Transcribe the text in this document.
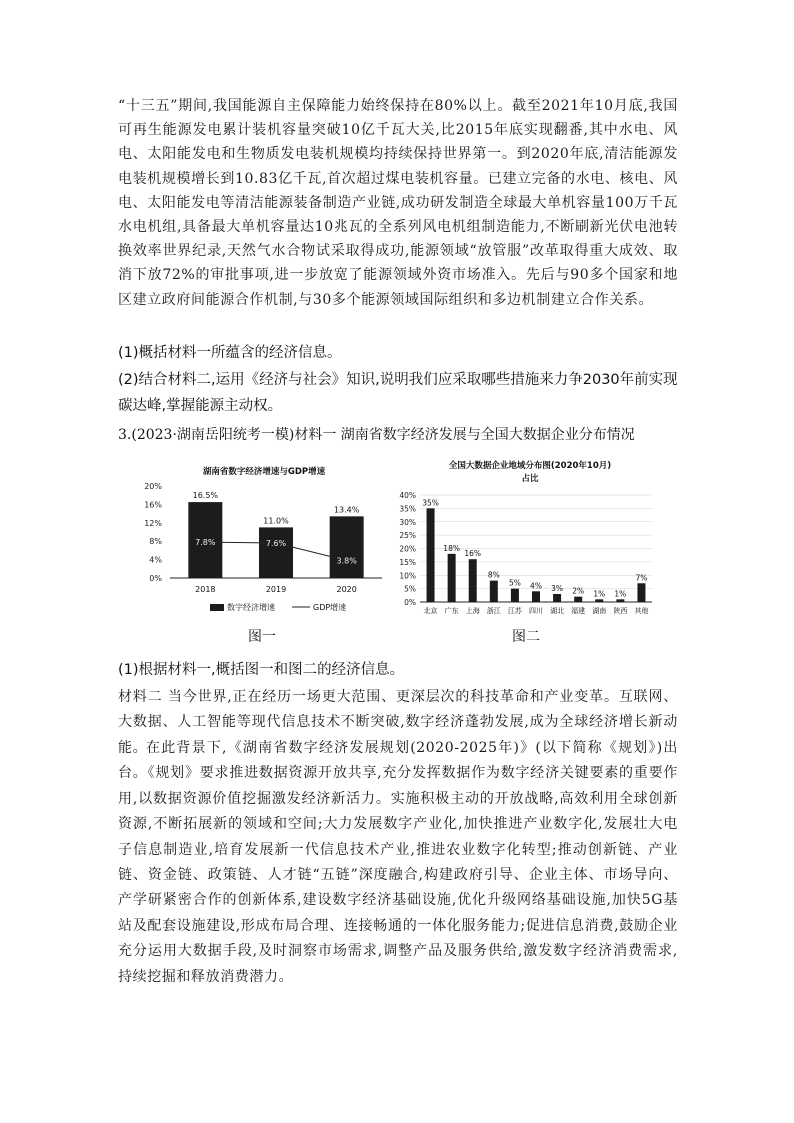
“十三五”期间,我国能源自主保障能力始终保持在80%以上。截至2021年10月底,我国可再生能源发电累计装机容量突破10亿千瓦大关,比2015年底实现翻番,其中水电、风电、太阳能发电和生物质发电装机规模均持续保持世界第一。到2020年底,清洁能源发电装机规模增长到10.83亿千瓦,首次超过煤电装机容量。已建立完备的水电、核电、风电、太阳能发电等清洁能源装备制造产业链,成功研发制造全球最大单机容量100万千瓦水电机组,具备最大单机容量达10兆瓦的全系列风电机组制造能力,不断刷新光伏电池转换效率世界纪录,天然气水合物试采取得成功,能源领域“放管服”改革取得重大成效、取消下放72%的审批事项,进一步放宽了能源领域外资市场准入。先后与90多个国家和地区建立政府间能源合作机制,与30多个能源领域国际组织和多边机制建立合作关系。
(1)概括材料一所蕴含的经济信息。
(2)结合材料二,运用《经济与社会》知识,说明我们应采取哪些措施来力争2030年前实现碳达峰,掌握能源主动权。
3.(2023·湖南岳阳统考一模)材料一 湖南省数字经济发展与全国大数据企业分布情况
湖南省数字经济增速与GDP增速
0%
4%
8%
12%
16%
20%
2018	2019	2020
16.5%
11.0%
13.4%
7.8%	7.6%
3.8%
数字经济增速	GDP增速
图一
全国大数据企业地域分布图(2020年10月)
占比
0%
5%
10%
15%
20%
25%
30%
35%
40%
北京 广东 上海 浙江 江苏 四川 湖北 福建 湖南 陕西 其他
35%
18%
16%
8%
5% 4% 3% 2% 1% 1%
7%
图二
(1)根据材料一,概括图一和图二的经济信息。
材料二 当今世界,正在经历一场更大范围、更深层次的科技革命和产业变革。互联网、大数据、人工智能等现代信息技术不断突破,数字经济蓬勃发展,成为全球经济增长新动能。
在此背景下,《湖南省数字经济发展规划(2020-2025年)》(以下简称《规划》)出台。《规划》要求推进数据资源开放共享,充分发挥数据作为数字经济关键要素的重要作用,以数据资源价值挖掘激发经济新活力。实施积极主动的开放战略,高效利用全球创新资源,不断拓展新的领域和空间;大力发展数字产业化,加快推进产业数字化,发展壮大电子信息制造业,培育发展新一代信息技术产业,推进农业数字化转型;推动创新链、产业链、资金链、政策链、人才链“五链”深度融合,构建政府引导、企业主体、市场导向、产学研紧密合作的创新体系,建设数字经济基础设施,优化升级网络基础设施,加快5G基站及配套设施建设,形成布局合理、连接畅通的一体化服务能力;促进信息消费,鼓励企业充分运用大数据手段,及时洞察市场需求,调整产品及服务供给,激发数字经济消费需求,持续挖掘和释放消费潜力。
